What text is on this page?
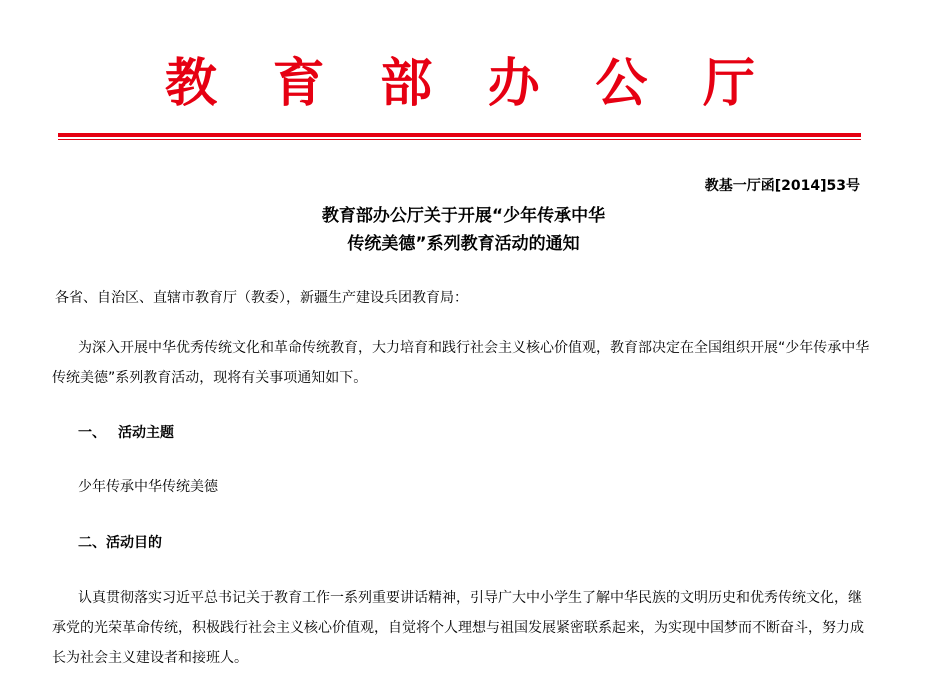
教 育 部 办 公 厅
教基一厅函[2014]53号
教育部办公厅关于开展“少年传承中华
传统美德”系列教育活动的通知
各省、自治区、直辖市教育厅（教委），新疆生产建设兵团教育局：
为深入开展中华优秀传统文化和革命传统教育，大力培育和践行社会主义核心价值观，教育部决定在全国组织开展“少年传承中华传统美德”系列教育活动，现将有关事项通知如下。
一、 活动主题
少年传承中华传统美德
二、活动目的
认真贯彻落实习近平总书记关于教育工作一系列重要讲话精神，引导广大中小学生了解中华民族的文明历史和优秀传统文化，继承党的光荣革命传统，积极践行社会主义核心价值观，自觉将个人理想与祖国发展紧密联系起来，为实现中国梦而不断奋斗，努力成长为社会主义建设者和接班人。
